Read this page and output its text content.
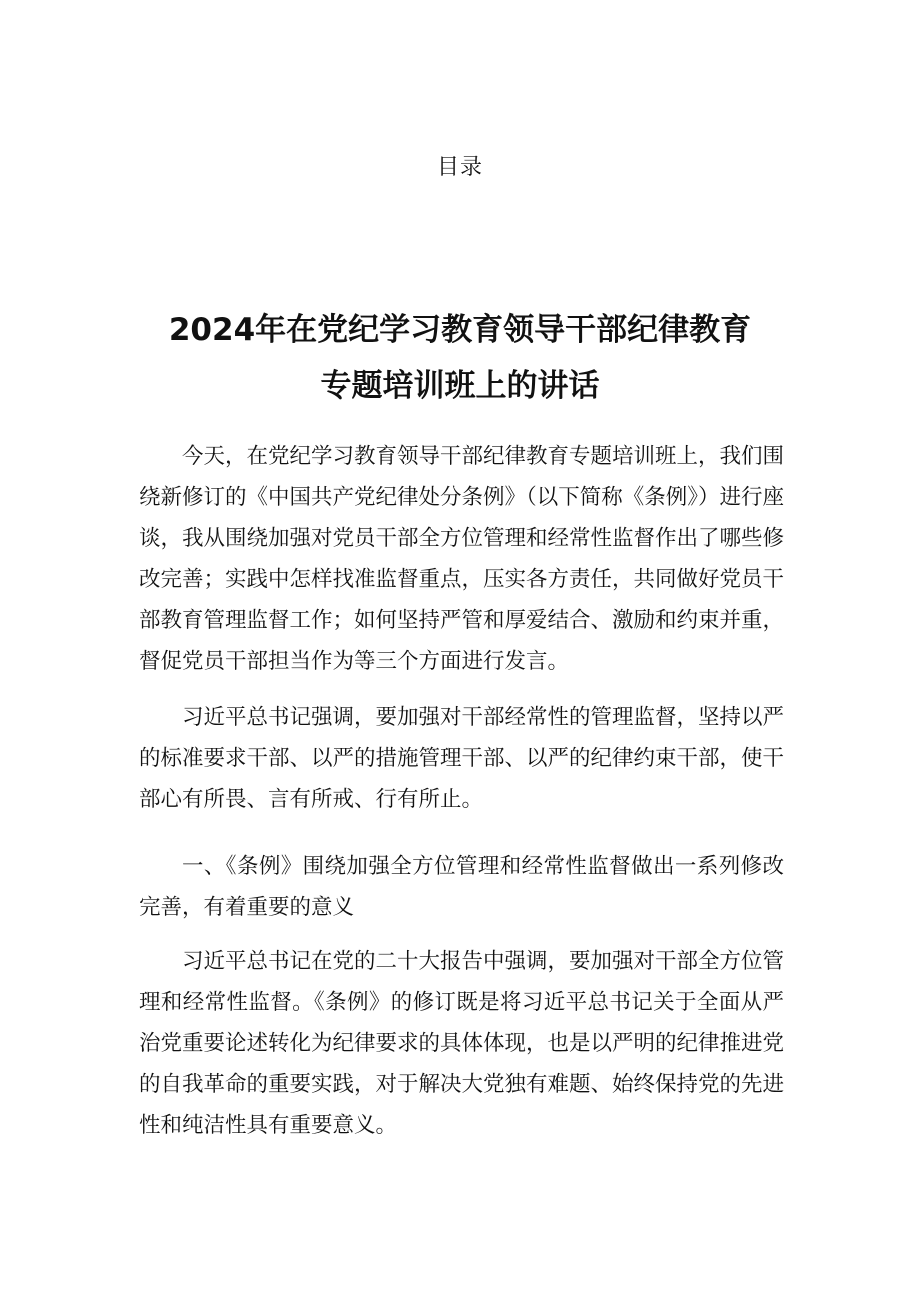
目录
2024年在党纪学习教育领导干部纪律教育
专题培训班上的讲话

今天，在党纪学习教育领导干部纪律教育专题培训班上，我们围绕新修订的《中国共产党纪律处分条例》（以下简称《条例》）进行座谈，我从围绕加强对党员干部全方位管理和经常性监督作出了哪些修改完善；实践中怎样找准监督重点，压实各方责任，共同做好党员干部教育管理监督工作；如何坚持严管和厚爱结合、激励和约束并重，督促党员干部担当作为等三个方面进行发言。

习近平总书记强调，要加强对干部经常性的管理监督，坚持以严的标准要求干部、以严的措施管理干部、以严的纪律约束干部，使干部心有所畏、言有所戒、行有所止。

一、《条例》围绕加强全方位管理和经常性监督做出一系列修改完善，有着重要的意义

习近平总书记在党的二十大报告中强调，要加强对干部全方位管理和经常性监督。《条例》的修订既是将习近平总书记关于全面从严治党重要论述转化为纪律要求的具体体现，也是以严明的纪律推进党的自我革命的重要实践，对于解决大党独有难题、始终保持党的先进性和纯洁性具有重要意义。
